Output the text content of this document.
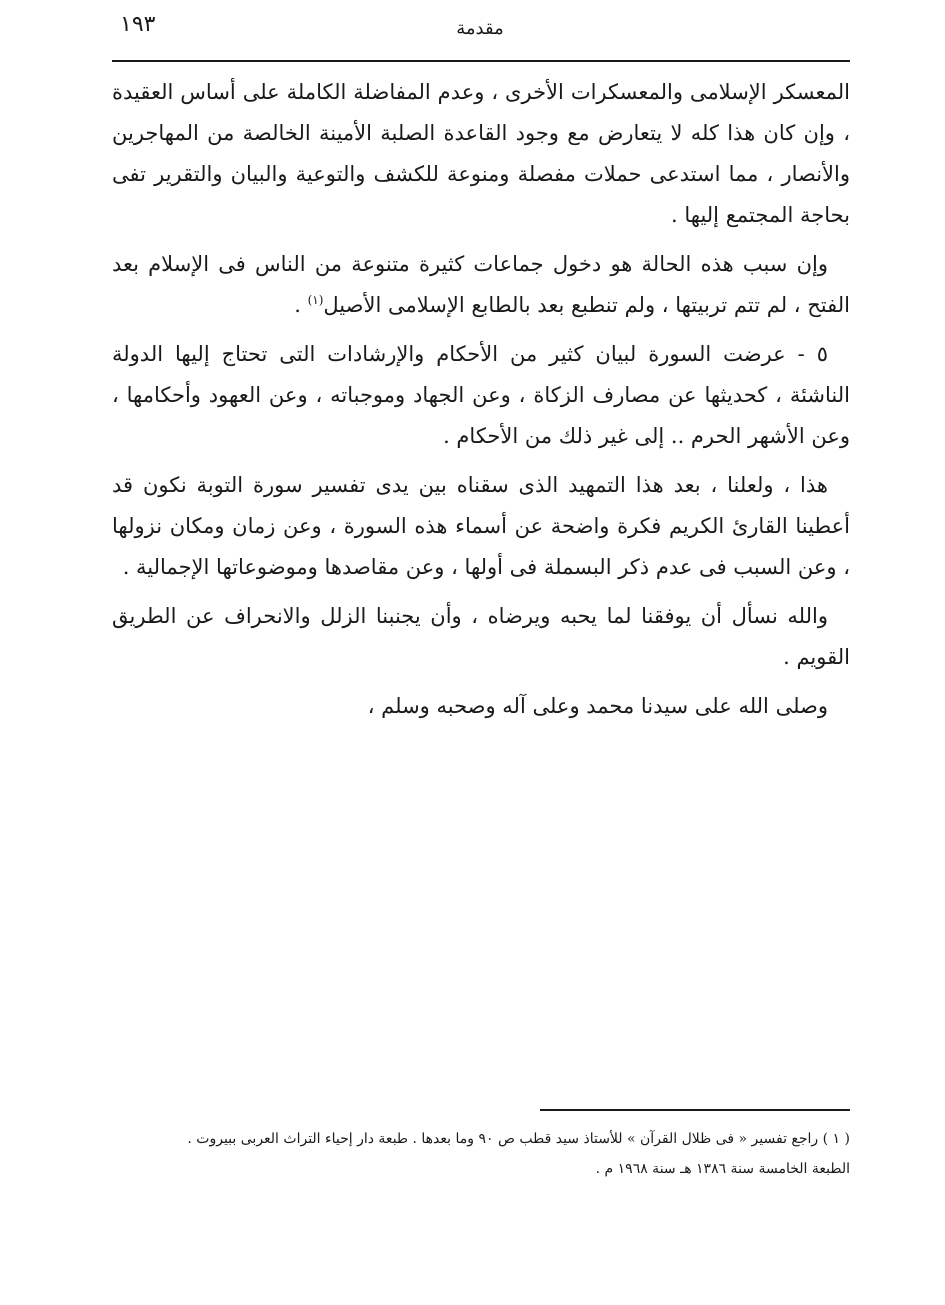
١٩٣	مقدمة

المعسكر الإسلامى والمعسكرات الأخرى ، وعدم المفاضلة الكاملة على أساس العقيدة ، وإن كان هذا كله لا يتعارض مع وجود القاعدة الصلبة الأمينة الخالصة من المهاجرين والأنصار ، مما استدعى حملات مفصلة ومنوعة للكشف والتوعية والبيان والتقرير تفى بحاجة المجتمع إليها .

وإن سبب هذه الحالة هو دخول جماعات كثيرة متنوعة من الناس فى الإسلام بعد الفتح ، لم تتم تربيتها ، ولم تنطبع بعد بالطابع الإسلامى الأصيل$^{(١)}$ .

٥ - عرضت السورة لبيان كثير من الأحكام والإرشادات التى تحتاج إليها الدولة الناشئة ، كحديثها عن مصارف الزكاة ، وعن الجهاد وموجباته ، وعن العهود وأحكامها ، وعن الأشهر الحرم .. إلى غير ذلك من الأحكام .

هذا ، ولعلنا ، بعد هذا التمهيد الذى سقناه بين يدى تفسير سورة التوبة نكون قد أعطينا القارئ الكريم فكرة واضحة عن أسماء هذه السورة ، وعن زمان ومكان نزولها ، وعن السبب فى عدم ذكر البسملة فى أولها ، وعن مقاصدها وموضوعاتها الإجمالية .

والله نسأل أن يوفقنا لما يحبه ويرضاه ، وأن يجنبنا الزلل والانحراف عن الطريق القويم .

وصلى الله على سيدنا محمد وعلى آله وصحبه وسلم ،

( ١ ) راجع تفسير « فى ظلال القرآن » للأستاذ سيد قطب ص ٩٠ وما بعدها . طبعة دار إحياء التراث العربى ببيروت .

الطبعة الخامسة سنة ١٣٨٦ هـ سنة ١٩٦٨ م .
